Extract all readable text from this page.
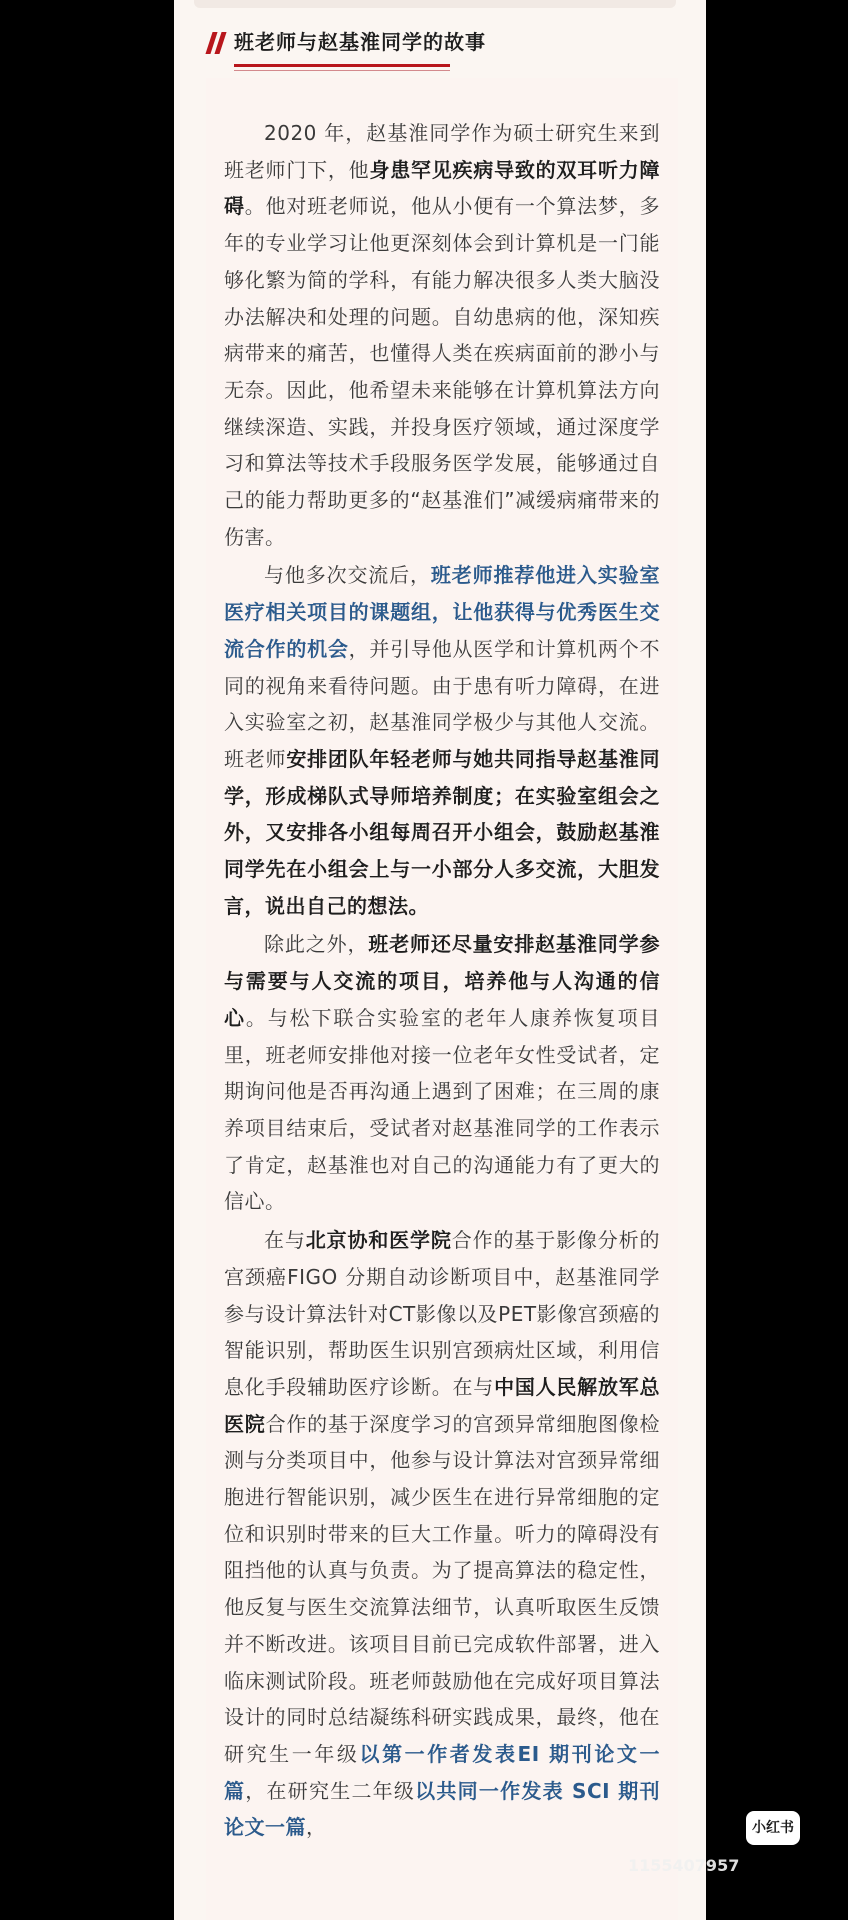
班老师与赵基淮同学的故事

2020 年，赵基淮同学作为硕士研究生来到班老师门下，他身患罕见疾病导致的双耳听力障碍。他对班老师说，他从小便有一个算法梦，多年的专业学习让他更深刻体会到计算机是一门能够化繁为简的学科，有能力解决很多人类大脑没办法解决和处理的问题。自幼患病的他，深知疾病带来的痛苦，也懂得人类在疾病面前的渺小与无奈。因此，他希望未来能够在计算机算法方向继续深造、实践，并投身医疗领域，通过深度学习和算法等技术手段服务医学发展，能够通过自己的能力帮助更多的“赵基淮们”减缓病痛带来的伤害。

与他多次交流后，班老师推荐他进入实验室医疗相关项目的课题组，让他获得与优秀医生交流合作的机会，并引导他从医学和计算机两个不同的视角来看待问题。由于患有听力障碍，在进入实验室之初，赵基淮同学极少与其他人交流。班老师安排团队年轻老师与她共同指导赵基淮同学，形成梯队式导师培养制度；在实验室组会之外，又安排各小组每周召开小组会，鼓励赵基淮同学先在小组会上与一小部分人多交流，大胆发言，说出自己的想法。

除此之外，班老师还尽量安排赵基淮同学参与需要与人交流的项目，培养他与人沟通的信心。与松下联合实验室的老年人康养恢复项目里，班老师安排他对接一位老年女性受试者，定期询问他是否再沟通上遇到了困难；在三周的康养项目结束后，受试者对赵基淮同学的工作表示了肯定，赵基淮也对自己的沟通能力有了更大的信心。

在与北京协和医学院合作的基于影像分析的宫颈癌FIGO 分期自动诊断项目中，赵基淮同学参与设计算法针对CT影像以及PET影像宫颈癌的智能识别，帮助医生识别宫颈病灶区域，利用信息化手段辅助医疗诊断。在与中国人民解放军总医院合作的基于深度学习的宫颈异常细胞图像检测与分类项目中，他参与设计算法对宫颈异常细胞进行智能识别，减少医生在进行异常细胞的定位和识别时带来的巨大工作量。听力的障碍没有阻挡他的认真与负责。为了提高算法的稳定性，他反复与医生交流算法细节，认真听取医生反馈并不断改进。该项目目前已完成软件部署，进入临床测试阶段。班老师鼓励他在完成好项目算法设计的同时总结凝练科研实践成果，最终，他在研究生一年级以第一作者发表EI 期刊论文一篇，在研究生二年级以共同一作发表 SCI 期刊论文一篇，	小红书
1155407957
